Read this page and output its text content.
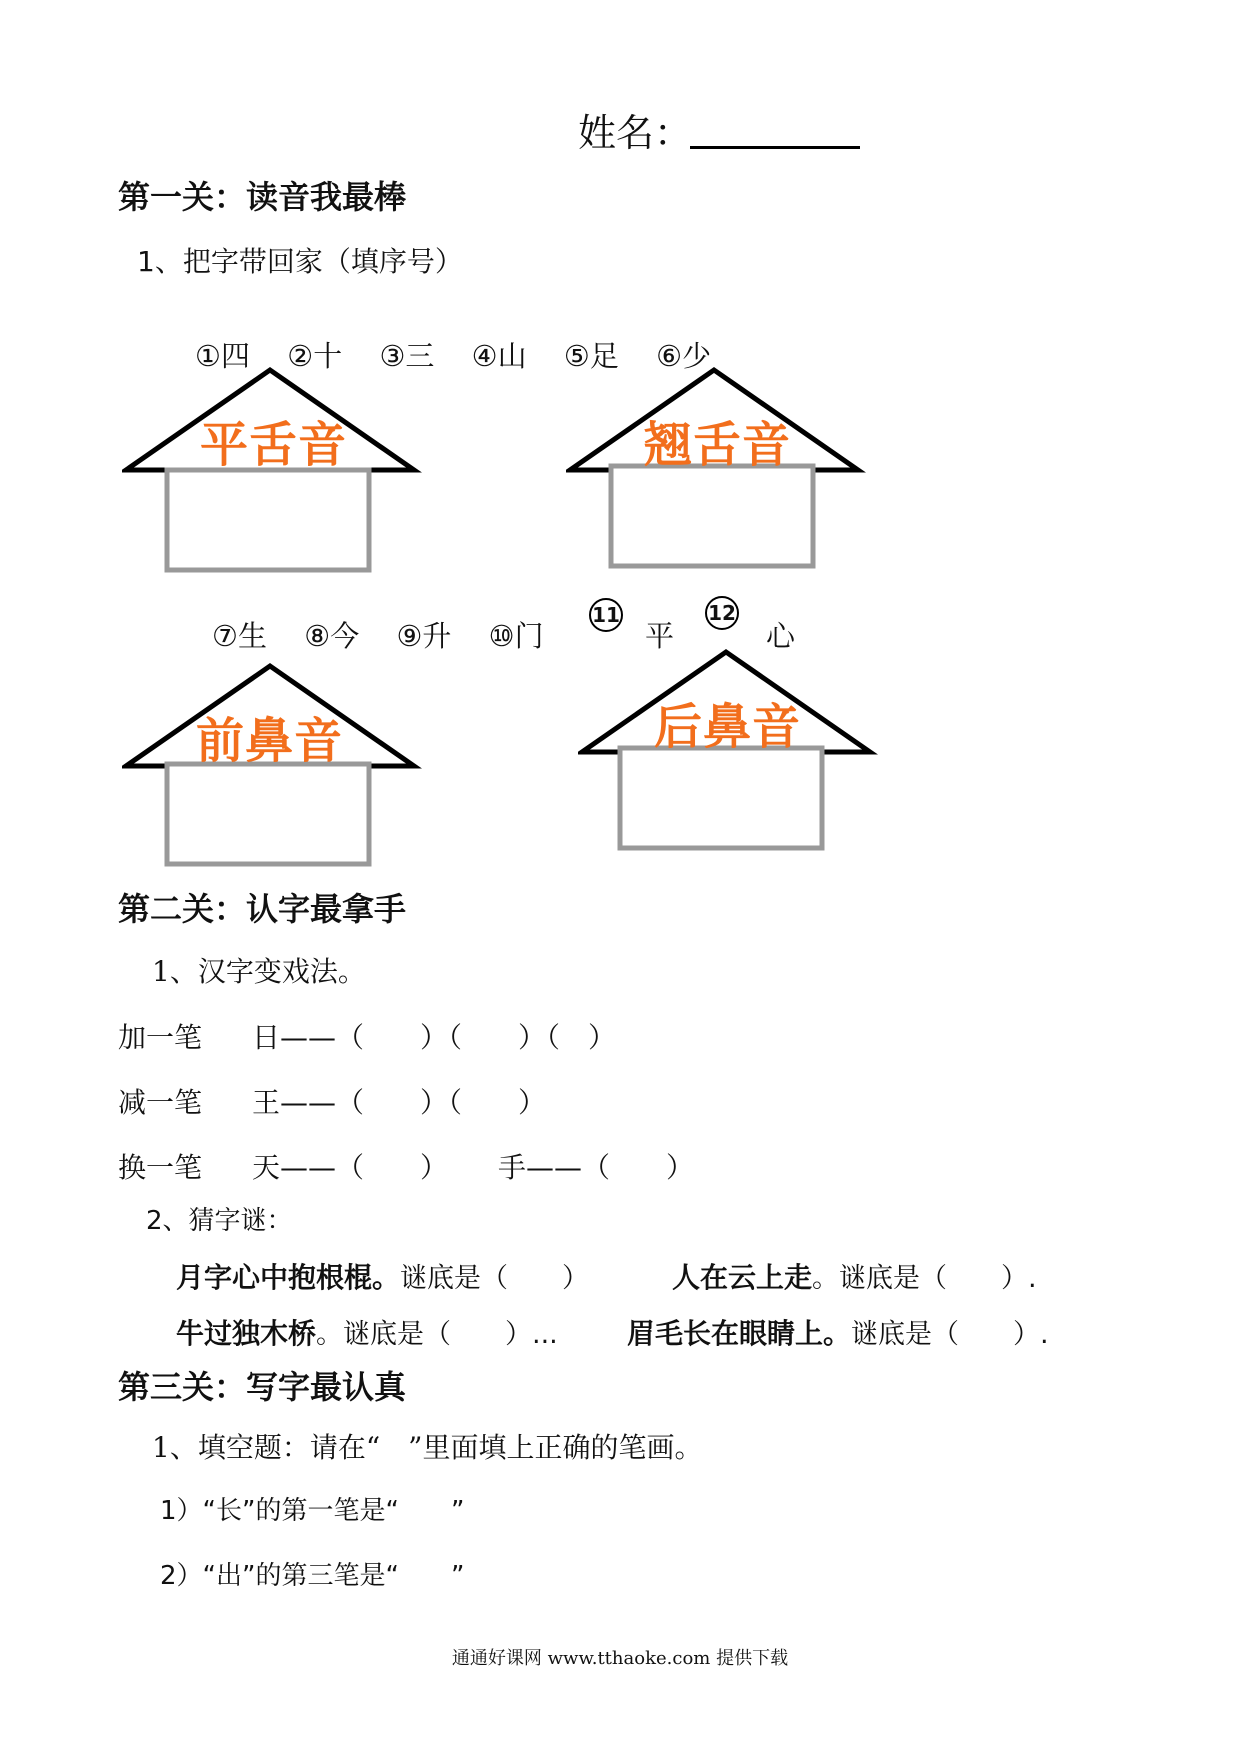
姓名：
第一关：读音我最棒
1、把字带回家（填序号）
①四 ②十 ③三 ④山 ⑤足 ⑥少
平舌音	翘舌音
⑦生 ⑧今 ⑨升 ⑩门
11
平
12
心
前鼻音	后鼻音
第二关：认字最拿手
1、汉字变戏法。
加一笔 日——（　　）（　　）（　）
减一笔 王——（　　）（　　）
换一笔 天——（　　） 手——（　　）
2、猜字谜：
月字心中抱根棍。谜底是（　　）	人在云上走。谜底是（　　）.
牛过独木桥。谜底是（　　）... 眉毛长在眼睛上。谜底是（　　）.
第三关：写字最认真
1、填空题：请在“　”里面填上正确的笔画。
1）“长”的第一笔是“　　”
2）“出”的第三笔是“　　”
通通好课网 www.tthaoke.com 提供下载
